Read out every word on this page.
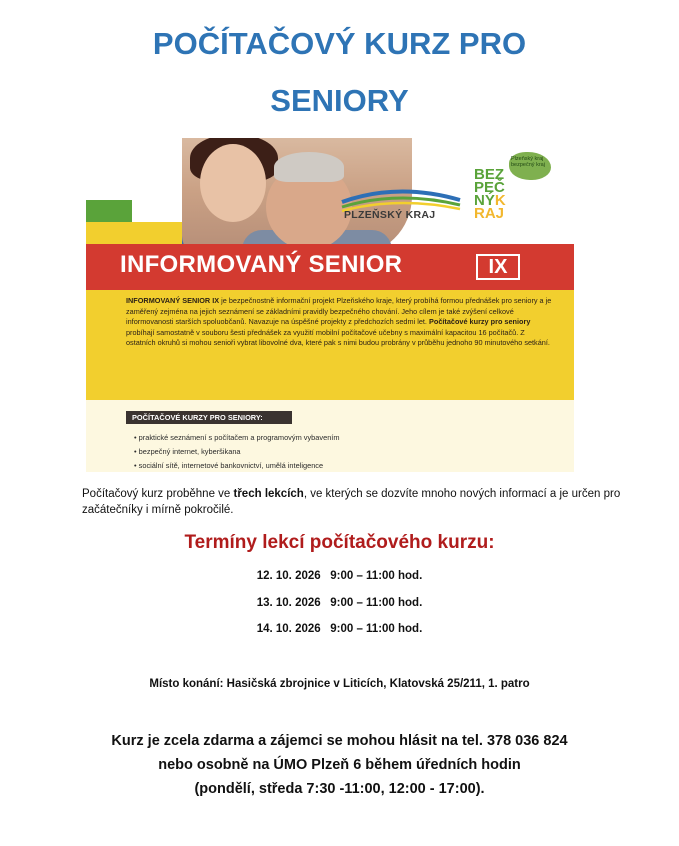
POČÍTAČOVÝ KURZ PRO
SENIORY
PLZEŇSKÝ KRAJ
Plzeňský kraj
bezpečný kraj
BEZ
PEČ
NÝK
RAJ
INFORMOVANÝ SENIOR	IX

INFORMOVANÝ SENIOR IX je bezpečnostně informační projekt Plzeňského kraje, který probíhá formou přednášek pro seniory a je zaměřený zejména na jejich seznámení se základními pravidly bezpečného chování. Jeho cílem je také zvýšení celkové informovanosti starších spoluobčanů. Navazuje na úspěšné projekty z předchozích sedmi let. Počítačové kurzy pro seniory probíhají samostatně v souboru šesti přednášek za využití mobilní počítačové učebny s maximální kapacitou 16 počítačů. Z ostatních okruhů si mohou senioři vybrat libovolné dva, které pak s nimi budou probrány v průběhu jednoho 90 minutového setkání.

POČÍTAČOVÉ KURZY PRO SENIORY:
• praktické seznámení s počítačem a programovým vybavením
• bezpečný internet, kyberšikana
• sociální sítě, internetové bankovnictví, umělá inteligence
Počítačový kurz proběhne ve třech lekcích, ve kterých se dozvíte mnoho nových informací a je určen pro začátečníky i mírně pokročilé.
Termíny lekcí počítačového kurzu:
12. 10. 2026   9:00 – 11:00 hod.
13. 10. 2026   9:00 – 11:00 hod.
14. 10. 2026   9:00 – 11:00 hod.
Místo konání: Hasičská zbrojnice v Liticích, Klatovská 25/211, 1. patro
Kurz je zcela zdarma a zájemci se mohou hlásit na tel. 378 036 824
nebo osobně na ÚMO Plzeň 6 během úředních hodin
(pondělí, středa 7:30 -11:00, 12:00 - 17:00).
